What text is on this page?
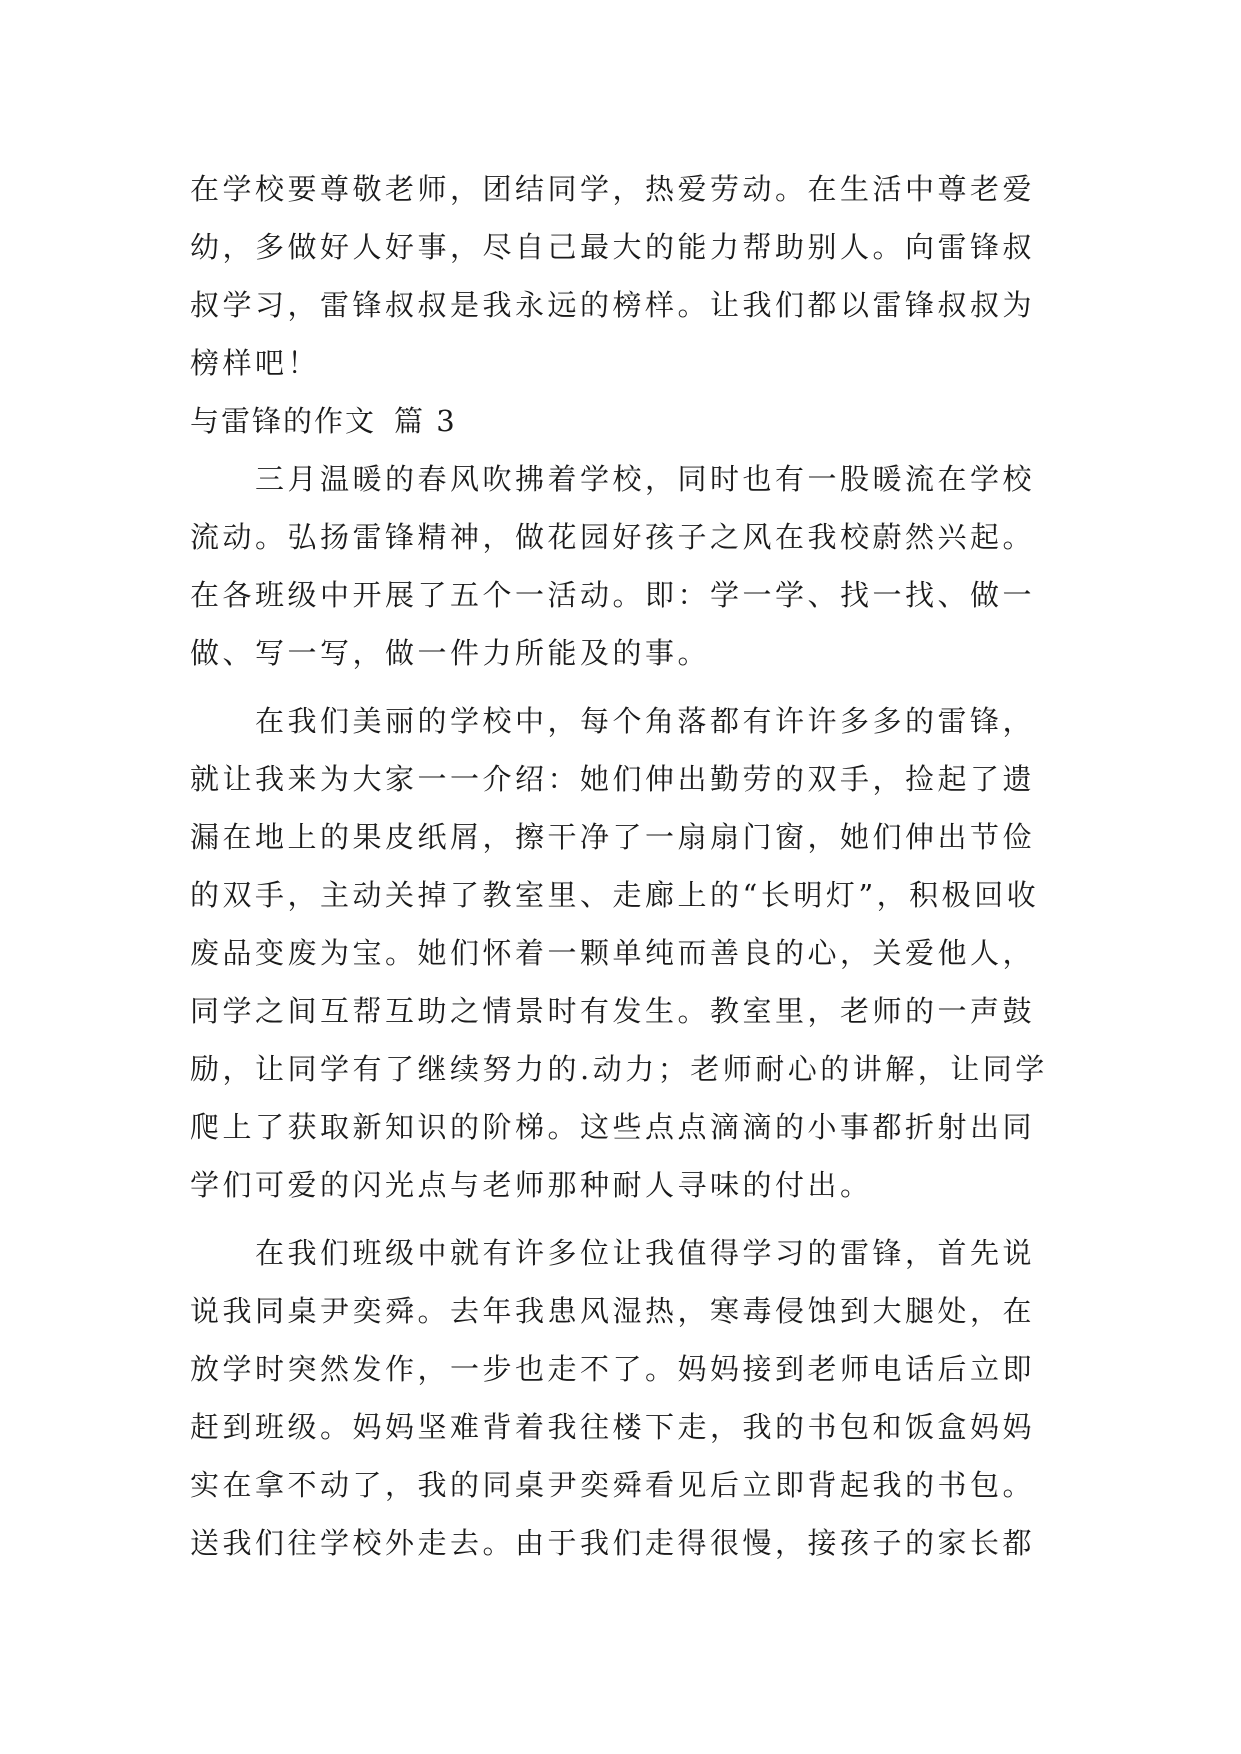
在学校要尊敬老师，团结同学，热爱劳动。在生活中尊老爱幼，多做好人好事，尽自己最大的能力帮助别人。向雷锋叔叔学习，雷锋叔叔是我永远的榜样。让我们都以雷锋叔叔为榜样吧！

与雷锋的作文 篇 3

三月温暖的春风吹拂着学校，同时也有一股暖流在学校流动。弘扬雷锋精神，做花园好孩子之风在我校蔚然兴起。在各班级中开展了五个一活动。即：学一学、找一找、做一做、写一写，做一件力所能及的事。

在我们美丽的学校中，每个角落都有许许多多的雷锋，就让我来为大家一一介绍：她们伸出勤劳的双手，捡起了遗漏在地上的果皮纸屑，擦干净了一扇扇门窗，她们伸出节俭的双手，主动关掉了教室里、走廊上的“长明灯”，积极回收废品变废为宝。她们怀着一颗单纯而善良的心，关爱他人，同学之间互帮互助之情景时有发生。教室里，老师的一声鼓励，让同学有了继续努力的.动力；老师耐心的讲解，让同学爬上了获取新知识的阶梯。这些点点滴滴的小事都折射出同学们可爱的闪光点与老师那种耐人寻味的付出。

在我们班级中就有许多位让我值得学习的雷锋，首先说说我同桌尹奕舜。去年我患风湿热，寒毒侵蚀到大腿处，在放学时突然发作，一步也走不了。妈妈接到老师电话后立即赶到班级。妈妈坚难背着我往楼下走，我的书包和饭盒妈妈实在拿不动了，我的同桌尹奕舜看见后立即背起我的书包。送我们往学校外走去。由于我们走得很慢，接孩子的家长都
